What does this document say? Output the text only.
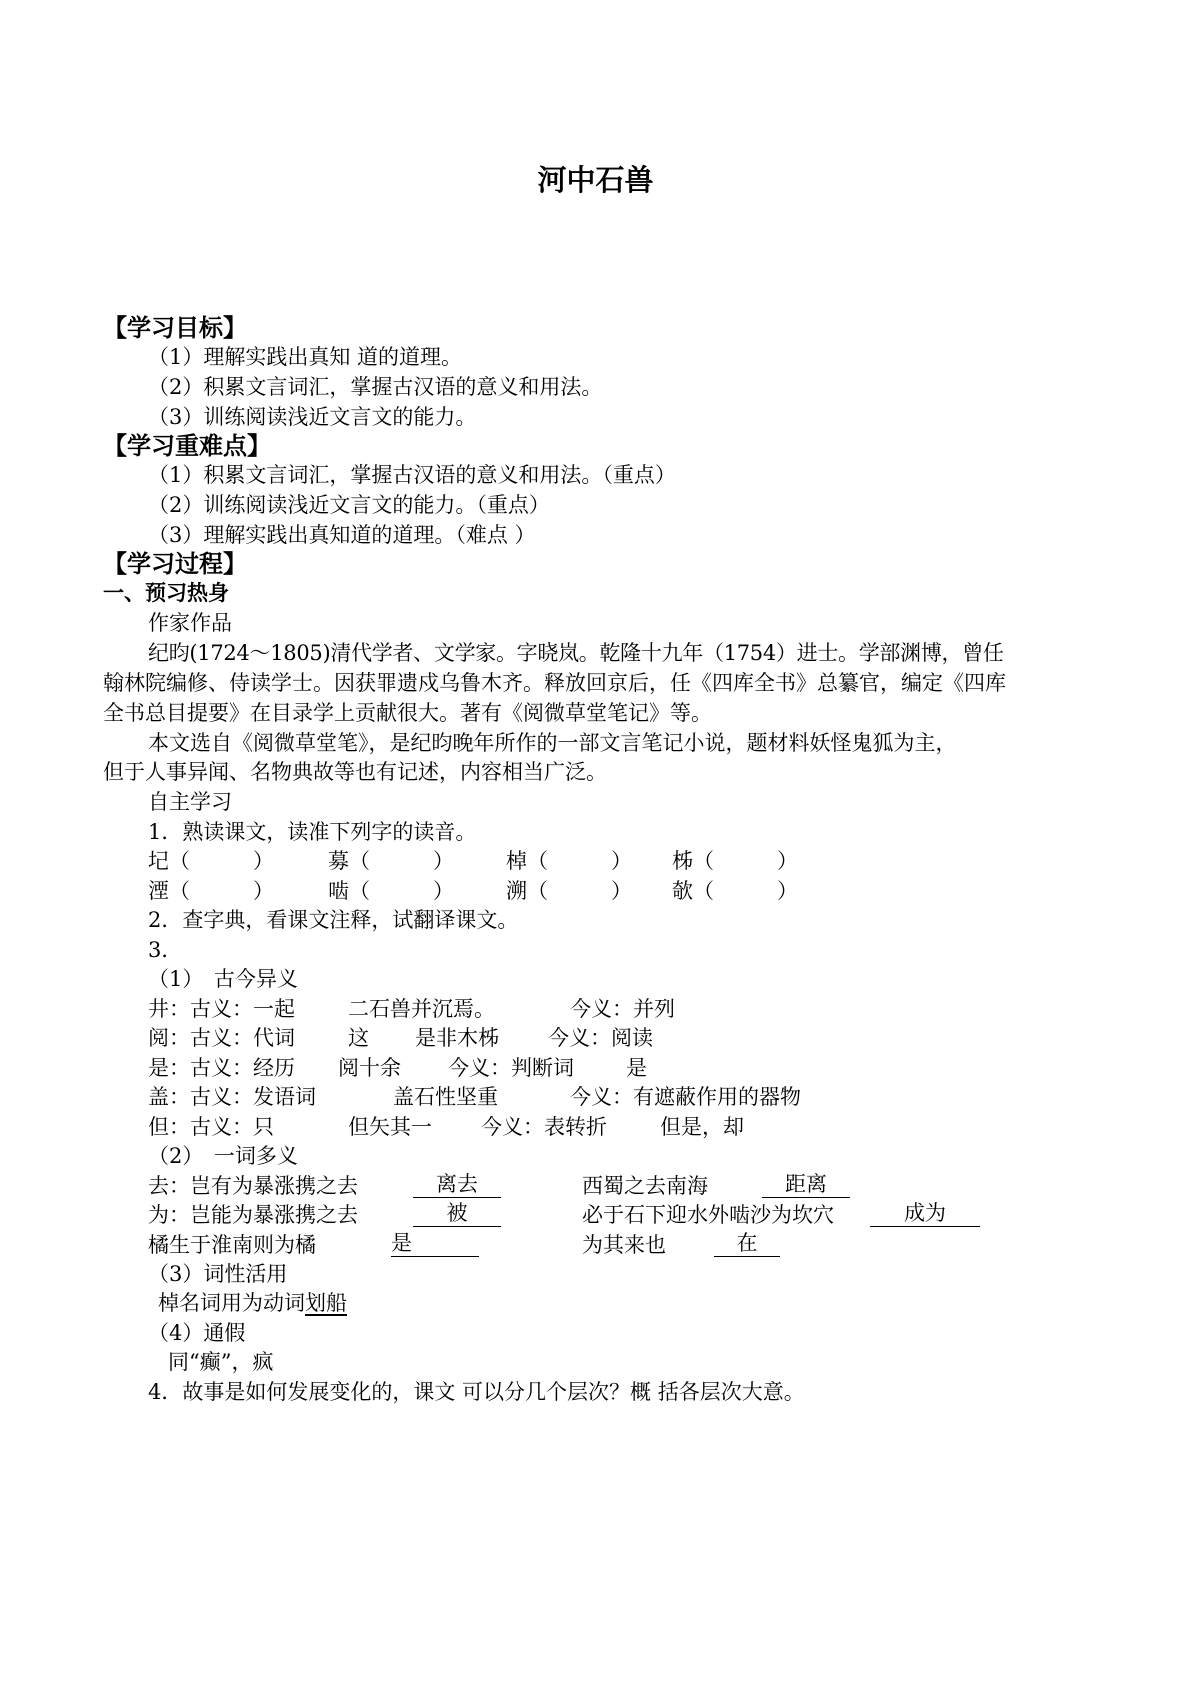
河中石兽
【学习目标】
（1）理解实践出真知 道的道理。
（2）积累文言词汇，掌握古汉语的意义和用法。
（3）训练阅读浅近文言文的能力。
【学习重难点】
（1）积累文言词汇，掌握古汉语的意义和用法。（重点）
（2）训练阅读浅近文言文的能力。（重点）
（3）理解实践出真知道的道理。（难点 ）
【学习过程】
一、预习热身
作家作品
纪昀(1724～1805)清代学者、文学家。字晓岚。乾隆十九年（1754）进士。学部渊博，曾任
翰林院编修、侍读学士。因获罪遗戍乌鲁木齐。释放回京后，任《四库全书》总纂官，编定《四库
全书总目提要》在目录学上贡献很大。著有《阅微草堂笔记》等。
本文选自《阅微草堂笔》，是纪昀晚年所作的一部文言笔记小说，题材料妖怪鬼狐为主，
但于人事异闻、名物典故等也有记述，内容相当广泛。
自主学习
1．熟读课文，读准下列字的读音。
圮（　　　）	募（　　　） 棹（　　　） 柹（　　　）
湮（　　　）	啮（　　　） 溯（　　　） 欹（　　　）
2．查字典，看课文注释，试翻译课文。
3．
（1）　古今异义
井：古义：一起	二石兽并沉焉。	今义：并列
阅：古义：代词	这 是非木柹 今义：阅读
是：古义：经历 阅十余 今义：判断词 是
盖：古义：发语词	盖石性坚重	今义：有遮蔽作用的器物
但：古义：只	但矢其一 今义：表转折	但是，却
（2）　一词多义
去：岂有为暴涨携之去	离去	西蜀之去南海	距离
为：岂能为暴涨携之去	被	必于石下迎水外啮沙为坎穴	成为
橘生于淮南则为橘	是	为其来也	在
（3）词性活用
棹名词用为动词划船
（4）通假
同“癫”，疯
4．故事是如何发展变化的，课文 可以分几个层次？概 括各层次大意。
